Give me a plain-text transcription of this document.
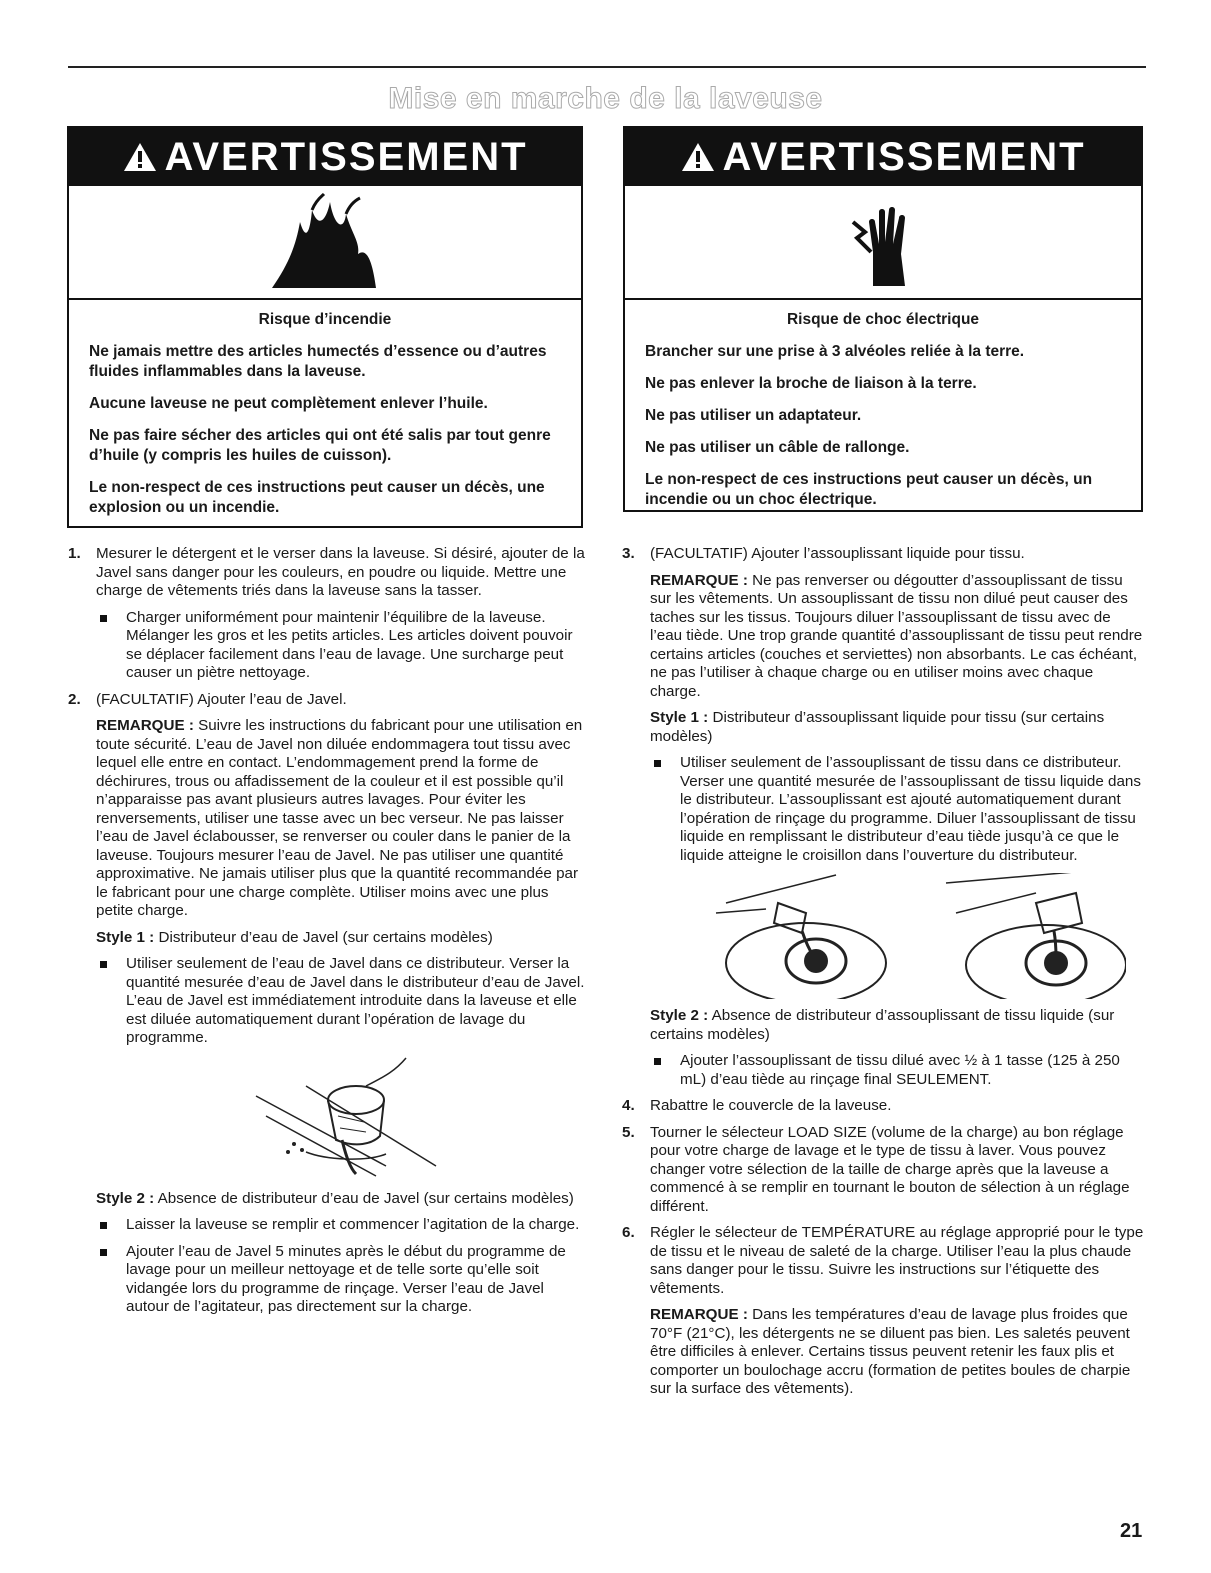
Mise en marche de la laveuse
AVERTISSEMENT
Risque d’incendie

Ne jamais mettre des articles humectés d’essence ou d’autres fluides inflammables dans la laveuse.

Aucune laveuse ne peut complètement enlever l’huile.

Ne pas faire sécher des articles qui ont été salis par tout genre d’huile (y compris les huiles de cuisson).

Le non-respect de ces instructions peut causer un décès, une explosion ou un incendie.

AVERTISSEMENT
Risque de choc électrique

Brancher sur une prise à 3 alvéoles reliée à la terre.

Ne pas enlever la broche de liaison à la terre.

Ne pas utiliser un adaptateur.

Ne pas utiliser un câble de rallonge.

Le non-respect de ces instructions peut causer un décès, un incendie ou un choc électrique.

1. Mesurer le détergent et le verser dans la laveuse. Si désiré, ajouter de la Javel sans danger pour les couleurs, en poudre ou liquide. Mettre une charge de vêtements triés dans la laveuse sans la tasser.
Charger uniformément pour maintenir l’équilibre de la laveuse. Mélanger les gros et les petits articles. Les articles doivent pouvoir se déplacer facilement dans l’eau de lavage. Une surcharge peut causer un piètre nettoyage.
2. (FACULTATIF) Ajouter l’eau de Javel.
REMARQUE : Suivre les instructions du fabricant pour une utilisation en toute sécurité. L’eau de Javel non diluée endommagera tout tissu avec lequel elle entre en contact. L’endommagement prend la forme de déchirures, trous ou affadissement de la couleur et il est possible qu’il n’apparaisse pas avant plusieurs autres lavages. Pour éviter les renversements, utiliser une tasse avec un bec verseur. Ne pas laisser l’eau de Javel éclabousser, se renverser ou couler dans le panier de la laveuse. Toujours mesurer l’eau de Javel. Ne pas utiliser une quantité approximative. Ne jamais utiliser plus que la quantité recommandée par le fabricant pour une charge complète. Utiliser moins avec une plus petite charge.
Style 1 : Distributeur d’eau de Javel (sur certains modèles)
Utiliser seulement de l’eau de Javel dans ce distributeur. Verser la quantité mesurée d’eau de Javel dans le distributeur d’eau de Javel. L’eau de Javel est immédiatement introduite dans la laveuse et elle est diluée automatiquement durant l’opération de lavage du programme.
Style 2 : Absence de distributeur d’eau de Javel (sur certains modèles)
Laisser la laveuse se remplir et commencer l’agitation de la charge.
Ajouter l’eau de Javel 5 minutes après le début du programme de lavage pour un meilleur nettoyage et de telle sorte qu’elle soit vidangée lors du programme de rinçage. Verser l’eau de Javel autour de l’agitateur, pas directement sur la charge.
3. (FACULTATIF) Ajouter l’assouplissant liquide pour tissu.
REMARQUE : Ne pas renverser ou dégoutter d’assouplissant de tissu sur les vêtements. Un assouplissant de tissu non dilué peut causer des taches sur les tissus. Toujours diluer l’assouplissant de tissu avec de l’eau tiède. Une trop grande quantité d’assouplissant de tissu peut rendre certains articles (couches et serviettes) non absorbants. Le cas échéant, ne pas l’utiliser à chaque charge ou en utiliser moins avec chaque charge.
Style 1 : Distributeur d’assouplissant liquide pour tissu (sur certains modèles)
Utiliser seulement de l’assouplissant de tissu dans ce distributeur. Verser une quantité mesurée de l’assouplissant de tissu liquide dans le distributeur. L’assouplissant est ajouté automatiquement durant l’opération de rinçage du programme. Diluer l’assouplissant de tissu liquide en remplissant le distributeur d’eau tiède jusqu’à ce que le liquide atteigne le croisillon dans l’ouverture du distributeur.
Style 2 : Absence de distributeur d’assouplissant de tissu liquide (sur certains modèles)
Ajouter l’assouplissant de tissu dilué avec ½ à 1 tasse (125 à 250 mL) d’eau tiède au rinçage final SEULEMENT.
4. Rabattre le couvercle de la laveuse.
5. Tourner le sélecteur LOAD SIZE (volume de la charge) au bon réglage pour votre charge de lavage et le type de tissu à laver. Vous pouvez changer votre sélection de la taille de charge après que la laveuse a commencé à se remplir en tournant le bouton de sélection à un réglage différent.
6. Régler le sélecteur de TEMPÉRATURE au réglage approprié pour le type de tissu et le niveau de saleté de la charge. Utiliser l’eau la plus chaude sans danger pour le tissu. Suivre les instructions sur l’étiquette des vêtements.
REMARQUE : Dans les températures d’eau de lavage plus froides que 70°F (21°C), les détergents ne se diluent pas bien. Les saletés peuvent être difficiles à enlever. Certains tissus peuvent retenir les faux plis et comporter un boulochage accru (formation de petites boules de charpie sur la surface des vêtements).
21
